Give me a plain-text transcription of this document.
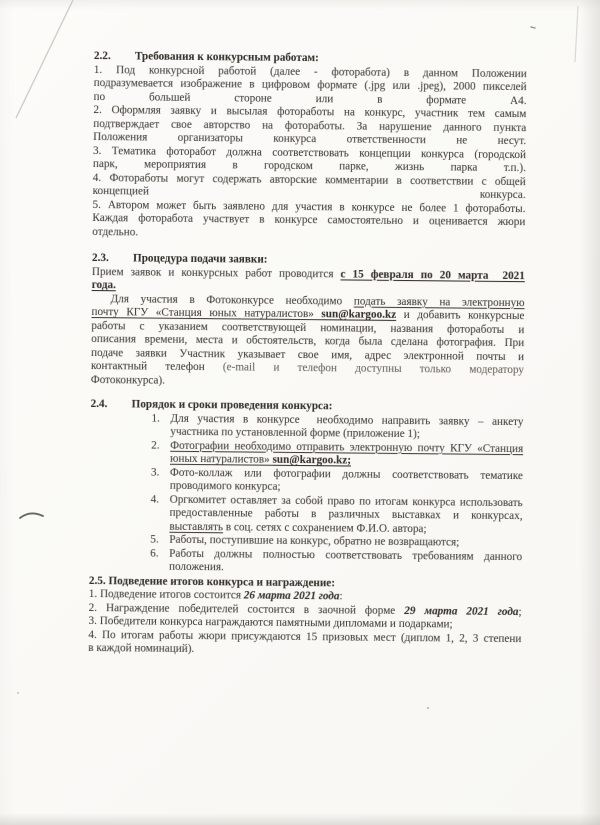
2.2. Требования к конкурсным работам:
1. Под конкурсной работой (далее - фоторабота) в данном Положении
подразумевается изображение в цифровом формате (.jpg или .jpeg), 2000 пикселей
по большей стороне или в формате А4.
2. Оформляя заявку и высылая фотоработы на конкурс, участник тем самым
подтверждает свое авторство на фотоработы. За нарушение данного пункта
Положения организаторы конкурса ответственности не несут.
3. Тематика фоторабот должна соответствовать концепции конкурса (городской
парк, мероприятия в городском парке, жизнь парка т.п.).
4. Фотоработы могут содержать авторские комментарии в соответствии с общей
концепцией конкурса.
5. Автором может быть заявлено для участия в конкурсе не более 1 фотоработы.
Каждая фоторабота участвует в конкурсе самостоятельно и оценивается жюри
отдельно.
2.3. Процедура подачи заявки:
Прием заявок и конкурсных работ проводится с 15 февраля по 20 марта  2021
года.
Для участия в Фотоконкурсе необходимо подать заявку на электронную
почту КГУ «Станция юных натуралистов» sun@kargoo.kz и добавить конкурсные
работы с указанием соответствующей номинации, названия фотоработы и
описания времени, места и обстоятельств, когда была сделана фотография. При
подаче заявки Участник указывает свое имя, адрес электронной почты и
контактный телефон (e-mail и телефон доступны только модератору
Фотоконкурса).
2.4. Порядок и сроки проведения конкурса:
1. Для участия в конкурсе  необходимо направить заявку – анкету
участника по установленной форме (приложение 1);
2. Фотографии необходимо отправить электронную почту КГУ «Станция
юных натуралистов» sun@kargoo.kz;
3. Фото-коллаж или фотографии должны соответствовать тематике
проводимого конкурса;
4. Оргкомитет оставляет за собой право по итогам конкурса использовать
предоставленные работы в различных выставках и конкурсах,
выставлять в соц. сетях с сохранением Ф.И.О. автора;
5. Работы, поступившие на конкурс, обратно не возвращаются;
6. Работы должны полностью соответствовать требованиям данного
положения.
2.5. Подведение итогов конкурса и награждение:
1. Подведение итогов состоится 26 марта 2021 года:
2. Награждение победителей состоится в заочной форме 29 марта 2021 года;
3. Победители конкурса награждаются памятными дипломами и подарками;
4. По итогам работы жюри присуждаются 15 призовых мест (диплом 1, 2, 3 степени
в каждой номинаций).
